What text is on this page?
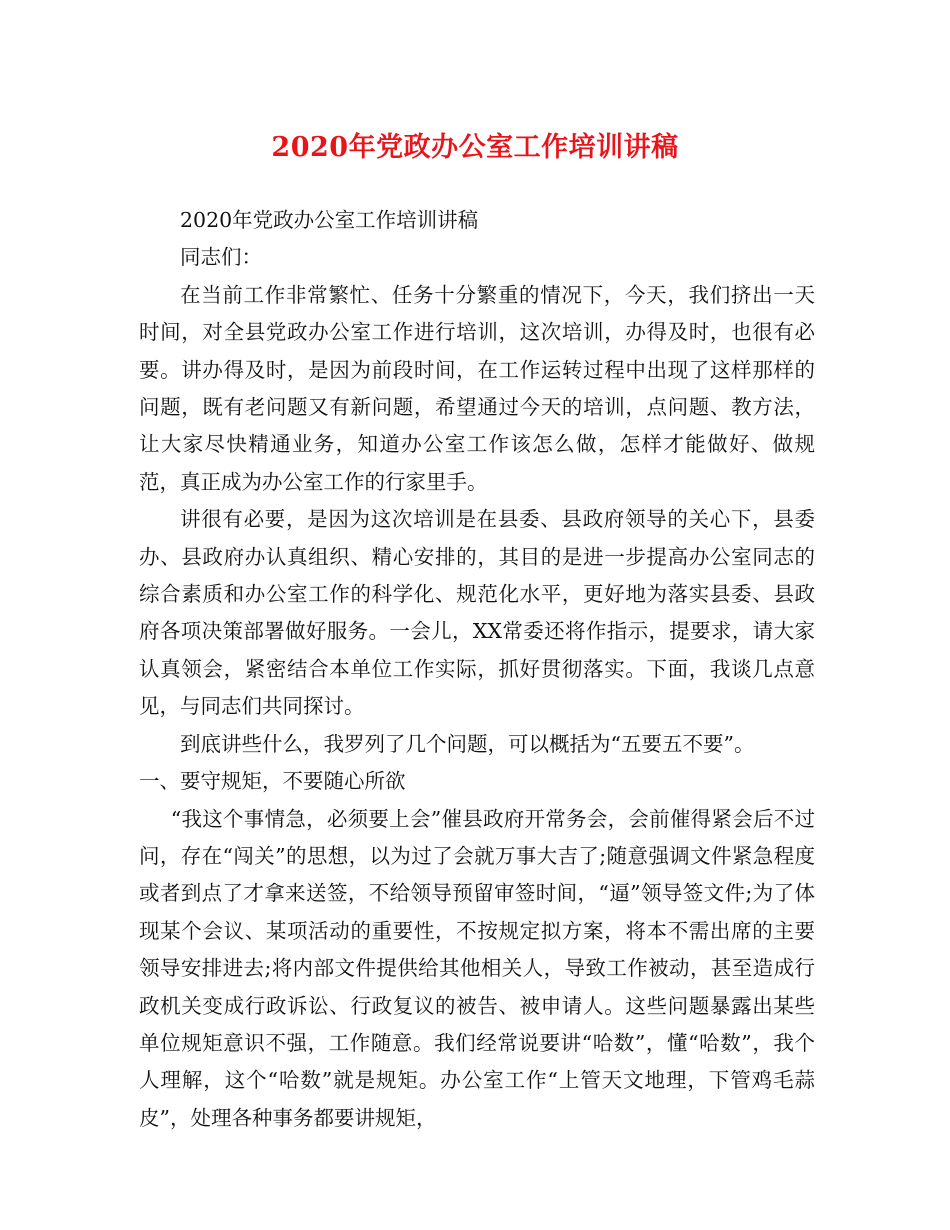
2020年党政办公室工作培训讲稿

2020年党政办公室工作培训讲稿

同志们：

在当前工作非常繁忙、任务十分繁重的情况下，今天，我们挤出一天时间，对全县党政办公室工作进行培训，这次培训，办得及时，也很有必要。讲办得及时，是因为前段时间，在工作运转过程中出现了这样那样的问题，既有老问题又有新问题，希望通过今天的培训，点问题、教方法，让大家尽快精通业务，知道办公室工作该怎么做，怎样才能做好、做规范，真正成为办公室工作的行家里手。

讲很有必要，是因为这次培训是在县委、县政府领导的关心下，县委办、县政府办认真组织、精心安排的，其目的是进一步提高办公室同志的综合素质和办公室工作的科学化、规范化水平，更好地为落实县委、县政府各项决策部署做好服务。一会儿，XX常委还将作指示，提要求，请大家认真领会，紧密结合本单位工作实际，抓好贯彻落实。下面，我谈几点意见，与同志们共同探讨。

到底讲些什么，我罗列了几个问题，可以概括为“五要五不要”。

一、要守规矩，不要随心所欲

“我这个事情急，必须要上会”催县政府开常务会，会前催得紧会后不过问，存在“闯关”的思想，以为过了会就万事大吉了;随意强调文件紧急程度或者到点了才拿来送签，不给领导预留审签时间，“逼”领导签文件;为了体现某个会议、某项活动的重要性，不按规定拟方案，将本不需出席的主要领导安排进去;将内部文件提供给其他相关人，导致工作被动，甚至造成行政机关变成行政诉讼、行政复议的被告、被申请人。这些问题暴露出某些单位规矩意识不强，工作随意。我们经常说要讲“哈数”，懂“哈数”，我个人理解，这个“哈数”就是规矩。办公室工作“上管天文地理，下管鸡毛蒜皮”，处理各种事务都要讲规矩，
